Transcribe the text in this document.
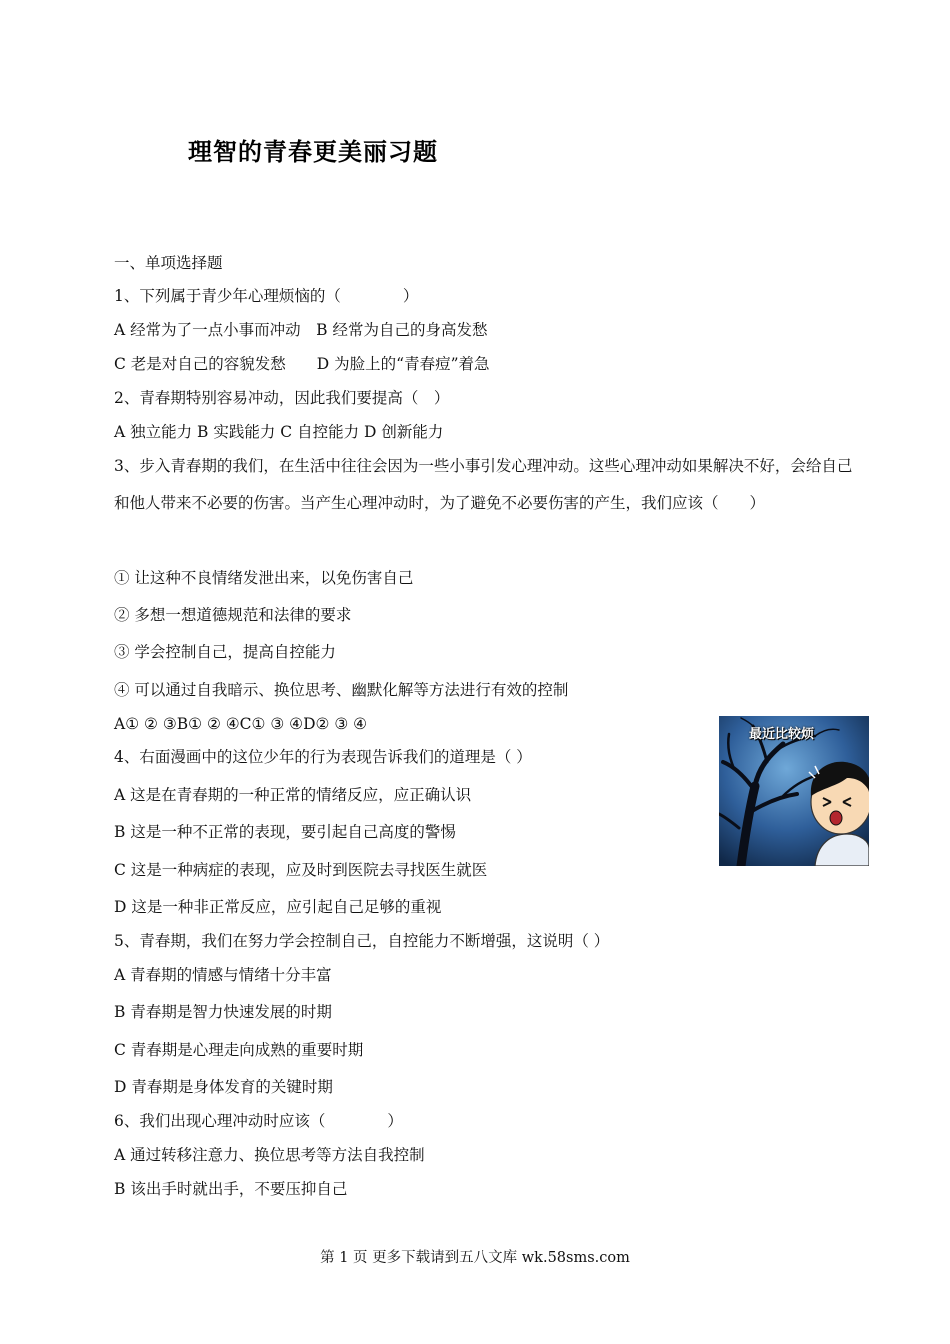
理智的青春更美丽习题
一、单项选择题
1、下列属于青少年心理烦恼的（　　　　）
A 经常为了一点小事而冲动　B 经常为自己的身高发愁
C 老是对自己的容貌发愁　　D 为脸上的“青春痘”着急
2、青春期特别容易冲动，因此我们要提高（　）
A 独立能力 B 实践能力 C 自控能力 D 创新能力
3、步入青春期的我们，在生活中往往会因为一些小事引发心理冲动。这些心理冲动如果解决不好，会给自己和他人带来不必要的伤害。当产生心理冲动时，为了避免不必要伤害的产生，我们应该（　　）
① 让这种不良情绪发泄出来，以免伤害自己
② 多想一想道德规范和法律的要求
③ 学会控制自己，提高自控能力
④ 可以通过自我暗示、换位思考、幽默化解等方法进行有效的控制
A① ② ③B① ② ④C① ③ ④D② ③ ④
4、右面漫画中的这位少年的行为表现告诉我们的道理是（ ）
A 这是在青春期的一种正常的情绪反应，应正确认识
B 这是一种不正常的表现，要引起自己高度的警惕
C 这是一种病症的表现，应及时到医院去寻找医生就医
D 这是一种非正常反应，应引起自己足够的重视
最近比较烦
5、青春期，我们在努力学会控制自己，自控能力不断增强，这说明（ ）
A 青春期的情感与情绪十分丰富
B 青春期是智力快速发展的时期
C 青春期是心理走向成熟的重要时期
D 青春期是身体发育的关键时期
6、我们出现心理冲动时应该（　　　　）
A 通过转移注意力、换位思考等方法自我控制
B 该出手时就出手，不要压抑自己
第 1 页 更多下载请到五八文库 wk.58sms.com
